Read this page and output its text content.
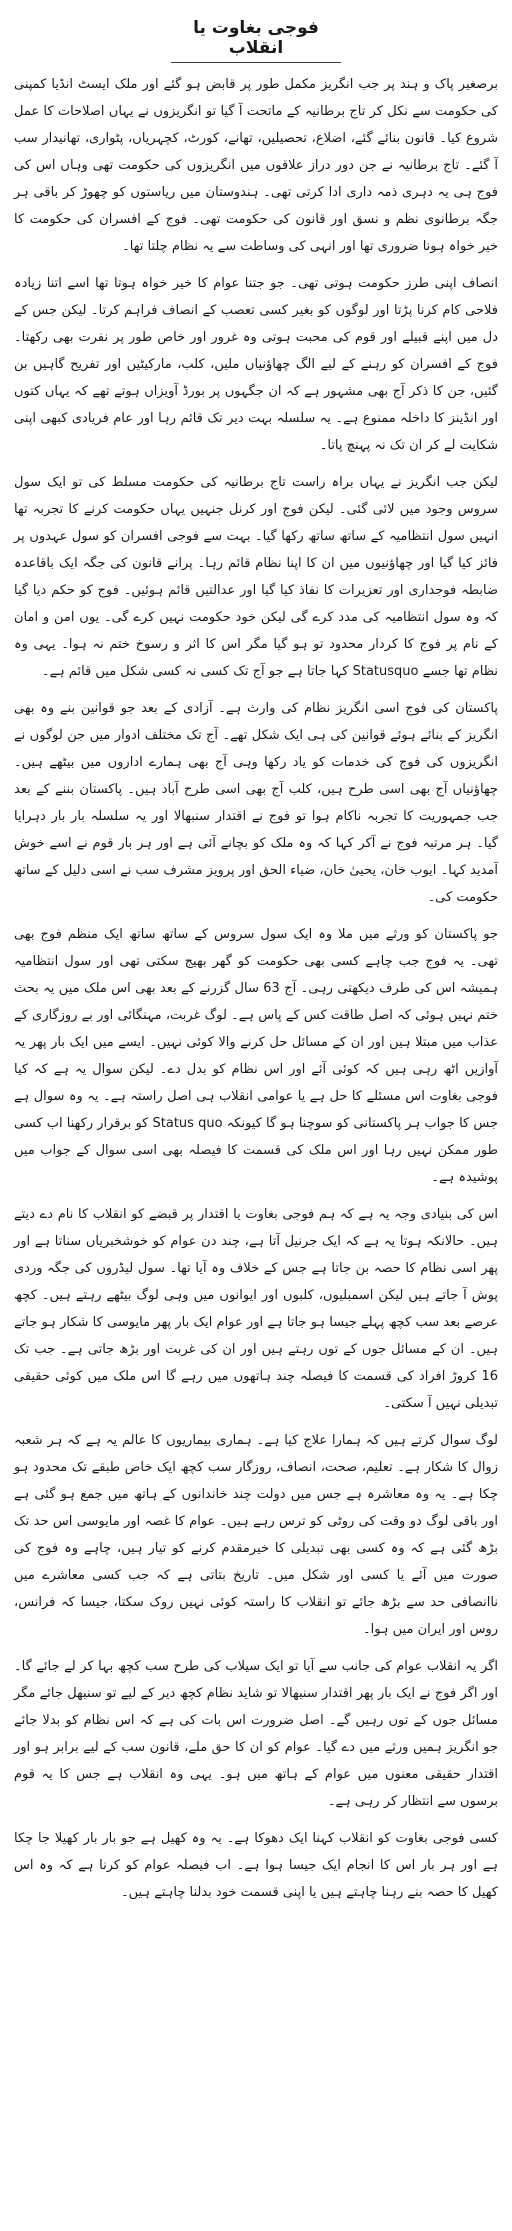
فوجی بغاوت یا انقلاب

برصغیر پاک و ہند پر جب انگریز مکمل طور پر قابض ہو گئے اور ملک ایسٹ انڈیا کمپنی کی حکومت سے نکل کر تاج برطانیہ کے ماتحت آ گیا تو انگریزوں نے یہاں اصلاحات کا عمل شروع کیا۔ قانون بنائے گئے، اضلاع، تحصیلیں، تھانے، کورٹ، کچہریاں، پٹواری، تھانیدار سب آ گئے۔ تاج برطانیہ نے جن دور دراز علاقوں میں انگریزوں کی حکومت تھی وہاں اس کی فوج ہی یہ دہری ذمہ داری ادا کرتی تھی۔ ہندوستان میں ریاستوں کو چھوڑ کر باقی ہر جگہ برطانوی نظم و نسق اور قانون کی حکومت تھی۔ فوج کے افسران کی حکومت کا خیر خواہ ہونا ضروری تھا اور انہی کی وساطت سے یہ نظام چلتا تھا۔

انصاف اپنی طرز حکومت ہوتی تھی۔ جو جتنا عوام کا خیر خواہ ہوتا تھا اسے اتنا زیادہ فلاحی کام کرنا پڑتا اور لوگوں کو بغیر کسی تعصب کے انصاف فراہم کرتا۔ لیکن جس کے دل میں اپنے قبیلے اور قوم کی محبت ہوتی وہ غرور اور خاص طور پر نفرت بھی رکھتا۔ فوج کے افسران کو رہنے کے لیے الگ چھاؤنیاں ملیں، کلب، مارکیٹیں اور تفریح گاہیں بن گئیں، جن کا ذکر آج بھی مشہور ہے کہ ان جگہوں پر بورڈ آویزاں ہوتے تھے کہ یہاں کتوں اور انڈینز کا داخلہ ممنوع ہے۔ یہ سلسلہ بہت دیر تک قائم رہا اور عام فریادی کبھی اپنی شکایت لے کر ان تک نہ پہنچ پاتا۔

لیکن جب انگریز نے یہاں براہ راست تاج برطانیہ کی حکومت مسلط کی تو ایک سول سروس وجود میں لائی گئی۔ لیکن فوج اور کرنل جنہیں یہاں حکومت کرنے کا تجربہ تھا انہیں سول انتظامیہ کے ساتھ ساتھ رکھا گیا۔ بہت سے فوجی افسران کو سول عہدوں پر فائز کیا گیا اور چھاؤنیوں میں ان کا اپنا نظام قائم رہا۔ پرانے قانون کی جگہ ایک باقاعدہ ضابطہ فوجداری اور تعزیرات کا نفاذ کیا گیا اور عدالتیں قائم ہوئیں۔ فوج کو حکم دیا گیا کہ وہ سول انتظامیہ کی مدد کرے گی لیکن خود حکومت نہیں کرے گی۔ یوں امن و امان کے نام پر فوج کا کردار محدود تو ہو گیا مگر اس کا اثر و رسوخ ختم نہ ہوا۔ یہی وہ نظام تھا جسے Statusquo کہا جاتا ہے جو آج تک کسی نہ کسی شکل میں قائم ہے۔

پاکستان کی فوج اسی انگریز نظام کی وارث ہے۔ آزادی کے بعد جو قوانین بنے وہ بھی انگریز کے بنائے ہوئے قوانین کی ہی ایک شکل تھے۔ آج تک مختلف ادوار میں جن لوگوں نے انگریزوں کی فوج کی خدمات کو یاد رکھا وہی آج بھی ہمارے اداروں میں بیٹھے ہیں۔ چھاؤنیاں آج بھی اسی طرح ہیں، کلب آج بھی اسی طرح آباد ہیں۔ پاکستان بننے کے بعد جب جمہوریت کا تجربہ ناکام ہوا تو فوج نے اقتدار سنبھالا اور یہ سلسلہ بار بار دہرایا گیا۔ ہر مرتبہ فوج نے آکر کہا کہ وہ ملک کو بچانے آئی ہے اور ہر بار قوم نے اسے خوش آمدید کہا۔ ایوب خان، یحییٰ خان، ضیاء الحق اور پرویز مشرف سب نے اسی دلیل کے ساتھ حکومت کی۔

جو پاکستان کو ورثے میں ملا وہ ایک سول سروس کے ساتھ ساتھ ایک منظم فوج بھی تھی۔ یہ فوج جب چاہے کسی بھی حکومت کو گھر بھیج سکتی تھی اور سول انتظامیہ ہمیشہ اس کی طرف دیکھتی رہی۔ آج 63 سال گزرنے کے بعد بھی اس ملک میں یہ بحث ختم نہیں ہوئی کہ اصل طاقت کس کے پاس ہے۔ لوگ غربت، مہنگائی اور بے روزگاری کے عذاب میں مبتلا ہیں اور ان کے مسائل حل کرنے والا کوئی نہیں۔ ایسے میں ایک بار پھر یہ آوازیں اٹھ رہی ہیں کہ کوئی آئے اور اس نظام کو بدل دے۔ لیکن سوال یہ ہے کہ کیا فوجی بغاوت اس مسئلے کا حل ہے یا عوامی انقلاب ہی اصل راستہ ہے۔ یہ وہ سوال ہے جس کا جواب ہر پاکستانی کو سوچنا ہو گا کیونکہ Status quo کو برقرار رکھنا اب کسی طور ممکن نہیں رہا اور اس ملک کی قسمت کا فیصلہ بھی اسی سوال کے جواب میں پوشیدہ ہے۔

اس کی بنیادی وجہ یہ ہے کہ ہم فوجی بغاوت یا اقتدار پر قبضے کو انقلاب کا نام دے دیتے ہیں۔ حالانکہ ہوتا یہ ہے کہ ایک جرنیل آتا ہے، چند دن عوام کو خوشخبریاں سناتا ہے اور پھر اسی نظام کا حصہ بن جاتا ہے جس کے خلاف وہ آیا تھا۔ سول لیڈروں کی جگہ وردی پوش آ جاتے ہیں لیکن اسمبلیوں، کلبوں اور ایوانوں میں وہی لوگ بیٹھے رہتے ہیں۔ کچھ عرصے بعد سب کچھ پہلے جیسا ہو جاتا ہے اور عوام ایک بار پھر مایوسی کا شکار ہو جاتے ہیں۔ ان کے مسائل جوں کے توں رہتے ہیں اور ان کی غربت اور بڑھ جاتی ہے۔ جب تک 16 کروڑ افراد کی قسمت کا فیصلہ چند ہاتھوں میں رہے گا اس ملک میں کوئی حقیقی تبدیلی نہیں آ سکتی۔

لوگ سوال کرتے ہیں کہ ہمارا علاج کیا ہے۔ ہماری بیماریوں کا عالم یہ ہے کہ ہر شعبہ زوال کا شکار ہے۔ تعلیم، صحت، انصاف، روزگار سب کچھ ایک خاص طبقے تک محدود ہو چکا ہے۔ یہ وہ معاشرہ ہے جس میں دولت چند خاندانوں کے ہاتھ میں جمع ہو گئی ہے اور باقی لوگ دو وقت کی روٹی کو ترس رہے ہیں۔ عوام کا غصہ اور مایوسی اس حد تک بڑھ گئی ہے کہ وہ کسی بھی تبدیلی کا خیرمقدم کرنے کو تیار ہیں، چاہے وہ فوج کی صورت میں آئے یا کسی اور شکل میں۔ تاریخ بتاتی ہے کہ جب کسی معاشرے میں ناانصافی حد سے بڑھ جائے تو انقلاب کا راستہ کوئی نہیں روک سکتا، جیسا کہ فرانس، روس اور ایران میں ہوا۔

اگر یہ انقلاب عوام کی جانب سے آیا تو ایک سیلاب کی طرح سب کچھ بہا کر لے جائے گا۔ اور اگر فوج نے ایک بار پھر اقتدار سنبھالا تو شاید نظام کچھ دیر کے لیے تو سنبھل جائے مگر مسائل جوں کے توں رہیں گے۔ اصل ضرورت اس بات کی ہے کہ اس نظام کو بدلا جائے جو انگریز ہمیں ورثے میں دے گیا۔ عوام کو ان کا حق ملے، قانون سب کے لیے برابر ہو اور اقتدار حقیقی معنوں میں عوام کے ہاتھ میں ہو۔ یہی وہ انقلاب ہے جس کا یہ قوم برسوں سے انتظار کر رہی ہے۔

کسی فوجی بغاوت کو انقلاب کہنا ایک دھوکا ہے۔ یہ وہ کھیل ہے جو بار بار کھیلا جا چکا ہے اور ہر بار اس کا انجام ایک جیسا ہوا ہے۔ اب فیصلہ عوام کو کرنا ہے کہ وہ اس کھیل کا حصہ بنے رہنا چاہتے ہیں یا اپنی قسمت خود بدلنا چاہتے ہیں۔
